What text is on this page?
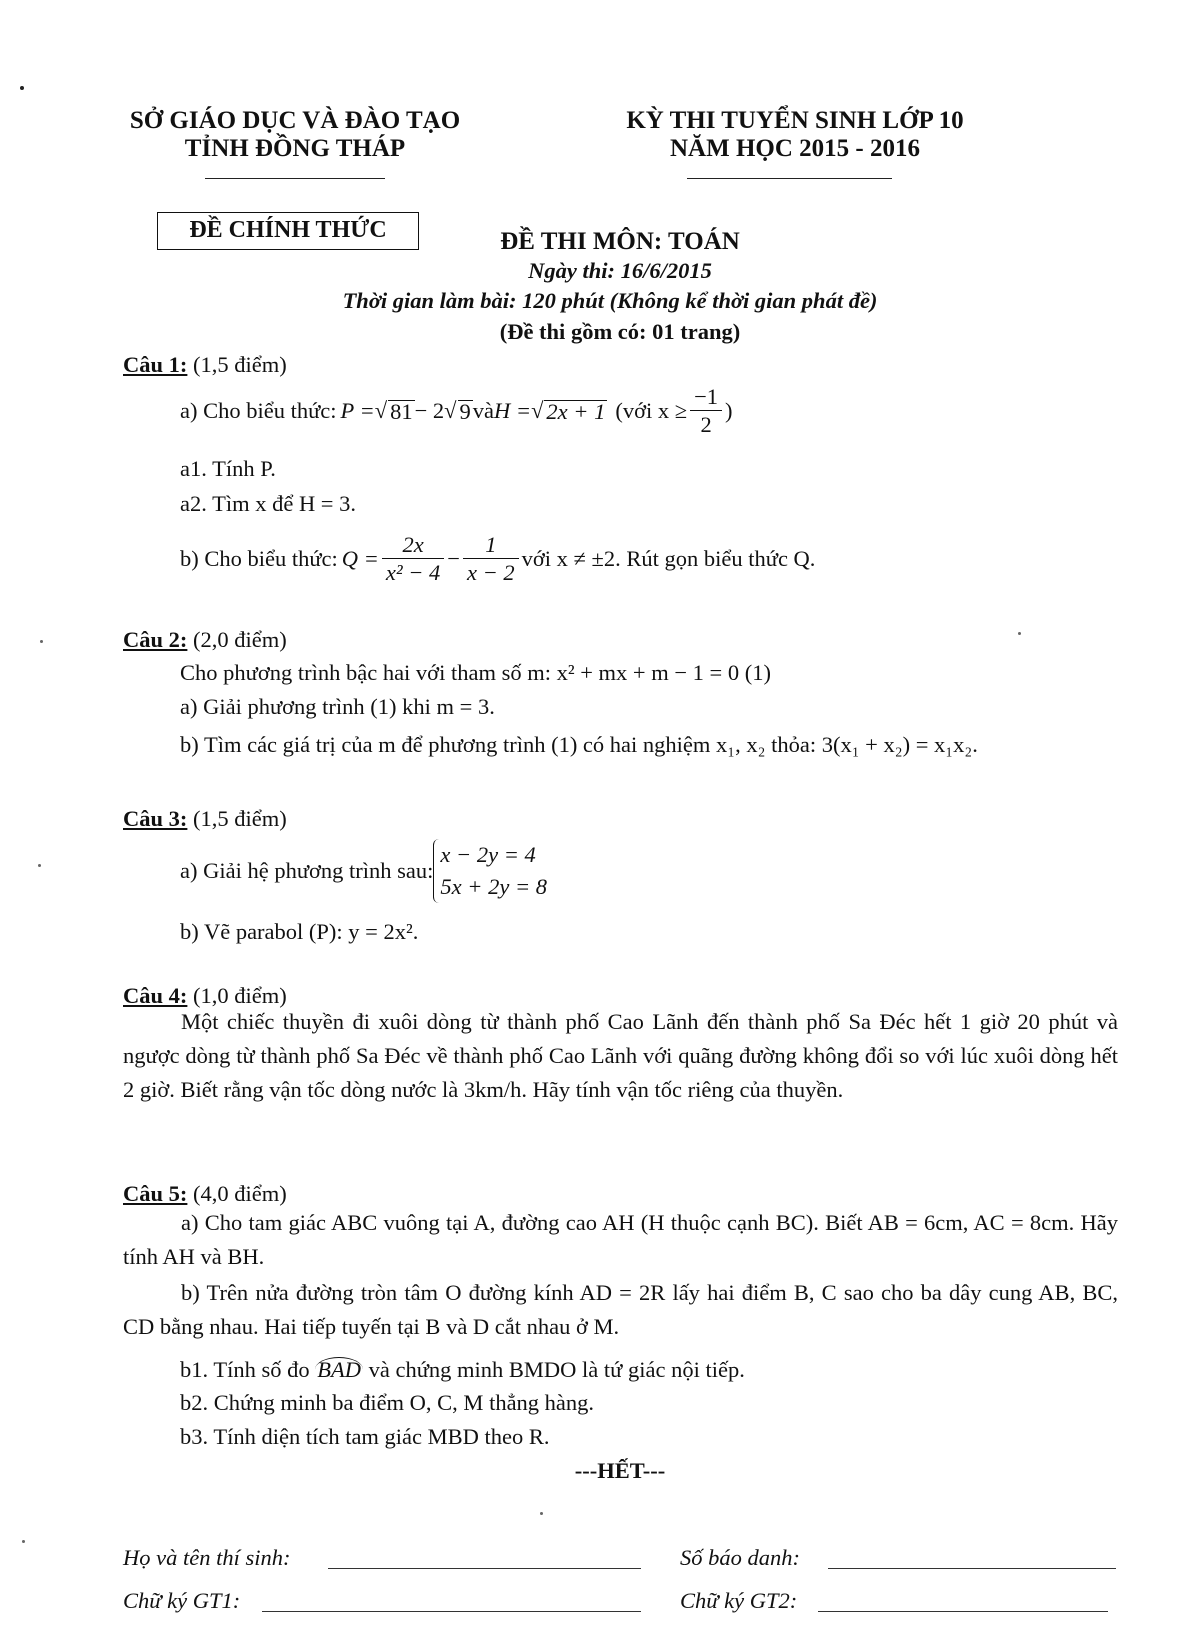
SỞ GIÁO DỤC VÀ ĐÀO TẠO
TỈNH ĐỒNG THÁP
KỲ THI TUYỂN SINH LỚP 10
NĂM HỌC 2015 - 2016
ĐỀ CHÍNH THỨC	ĐỀ THI MÔN: TOÁN
Ngày thi: 16/6/2015
Thời gian làm bài: 120 phút (Không kể thời gian phát đề)
(Đề thi gồm có: 01 trang)
Câu 1: (1,5 điểm)
a) Cho biểu thức: P = √ 81 − 2 √ 9 và H = √ 2x + 1 (với $x \ge \frac{-1}{2}$ )
a1. Tính P.
a2. Tìm x để H = 3.
b) Cho biểu thức: $Q = \frac{2x}{\text{x² − 4}} - \frac{1}{x - 2}$ với x ≠ ±2. Rút gọn biểu thức Q.
Câu 2: (2,0 điểm)
Cho phương trình bậc hai với tham số m: x² + mx + m − 1 = 0 (1)
a) Giải phương trình (1) khi m = 3.
b) Tìm các giá trị của m để phương trình (1) có hai nghiệm x₁, x₂ thỏa: 3(x₁ + x₂) = x₁x₂.
Câu 3: (1,5 điểm)
a) Giải hệ phương trình sau:
x − 2y = 4
5x + 2y = 8
b) Vẽ parabol (P): y = 2x².
Câu 4: (1,0 điểm)
Một chiếc thuyền đi xuôi dòng từ thành phố Cao Lãnh đến thành phố Sa Đéc hết 1 giờ 20 phút và ngược dòng từ thành phố Sa Đéc về thành phố Cao Lãnh với quãng đường không đổi so với lúc xuôi dòng hết 2 giờ. Biết rằng vận tốc dòng nước là 3km/h. Hãy tính vận tốc riêng của thuyền.
Câu 5: (4,0 điểm)
a) Cho tam giác ABC vuông tại A, đường cao AH (H thuộc cạnh BC). Biết AB = 6cm, AC = 8cm. Hãy tính AH và BH.
b) Trên nửa đường tròn tâm O đường kính AD = 2R lấy hai điểm B, C sao cho ba dây cung AB, BC, CD bằng nhau. Hai tiếp tuyến tại B và D cắt nhau ở M.
b1. Tính số đo BAD và chứng minh BMDO là tứ giác nội tiếp.
b2. Chứng minh ba điểm O, C, M thẳng hàng.
b3. Tính diện tích tam giác MBD theo R.
---HẾT---
Họ và tên thí sinh:	Số báo danh:
Chữ ký GT1:	Chữ ký GT2:
